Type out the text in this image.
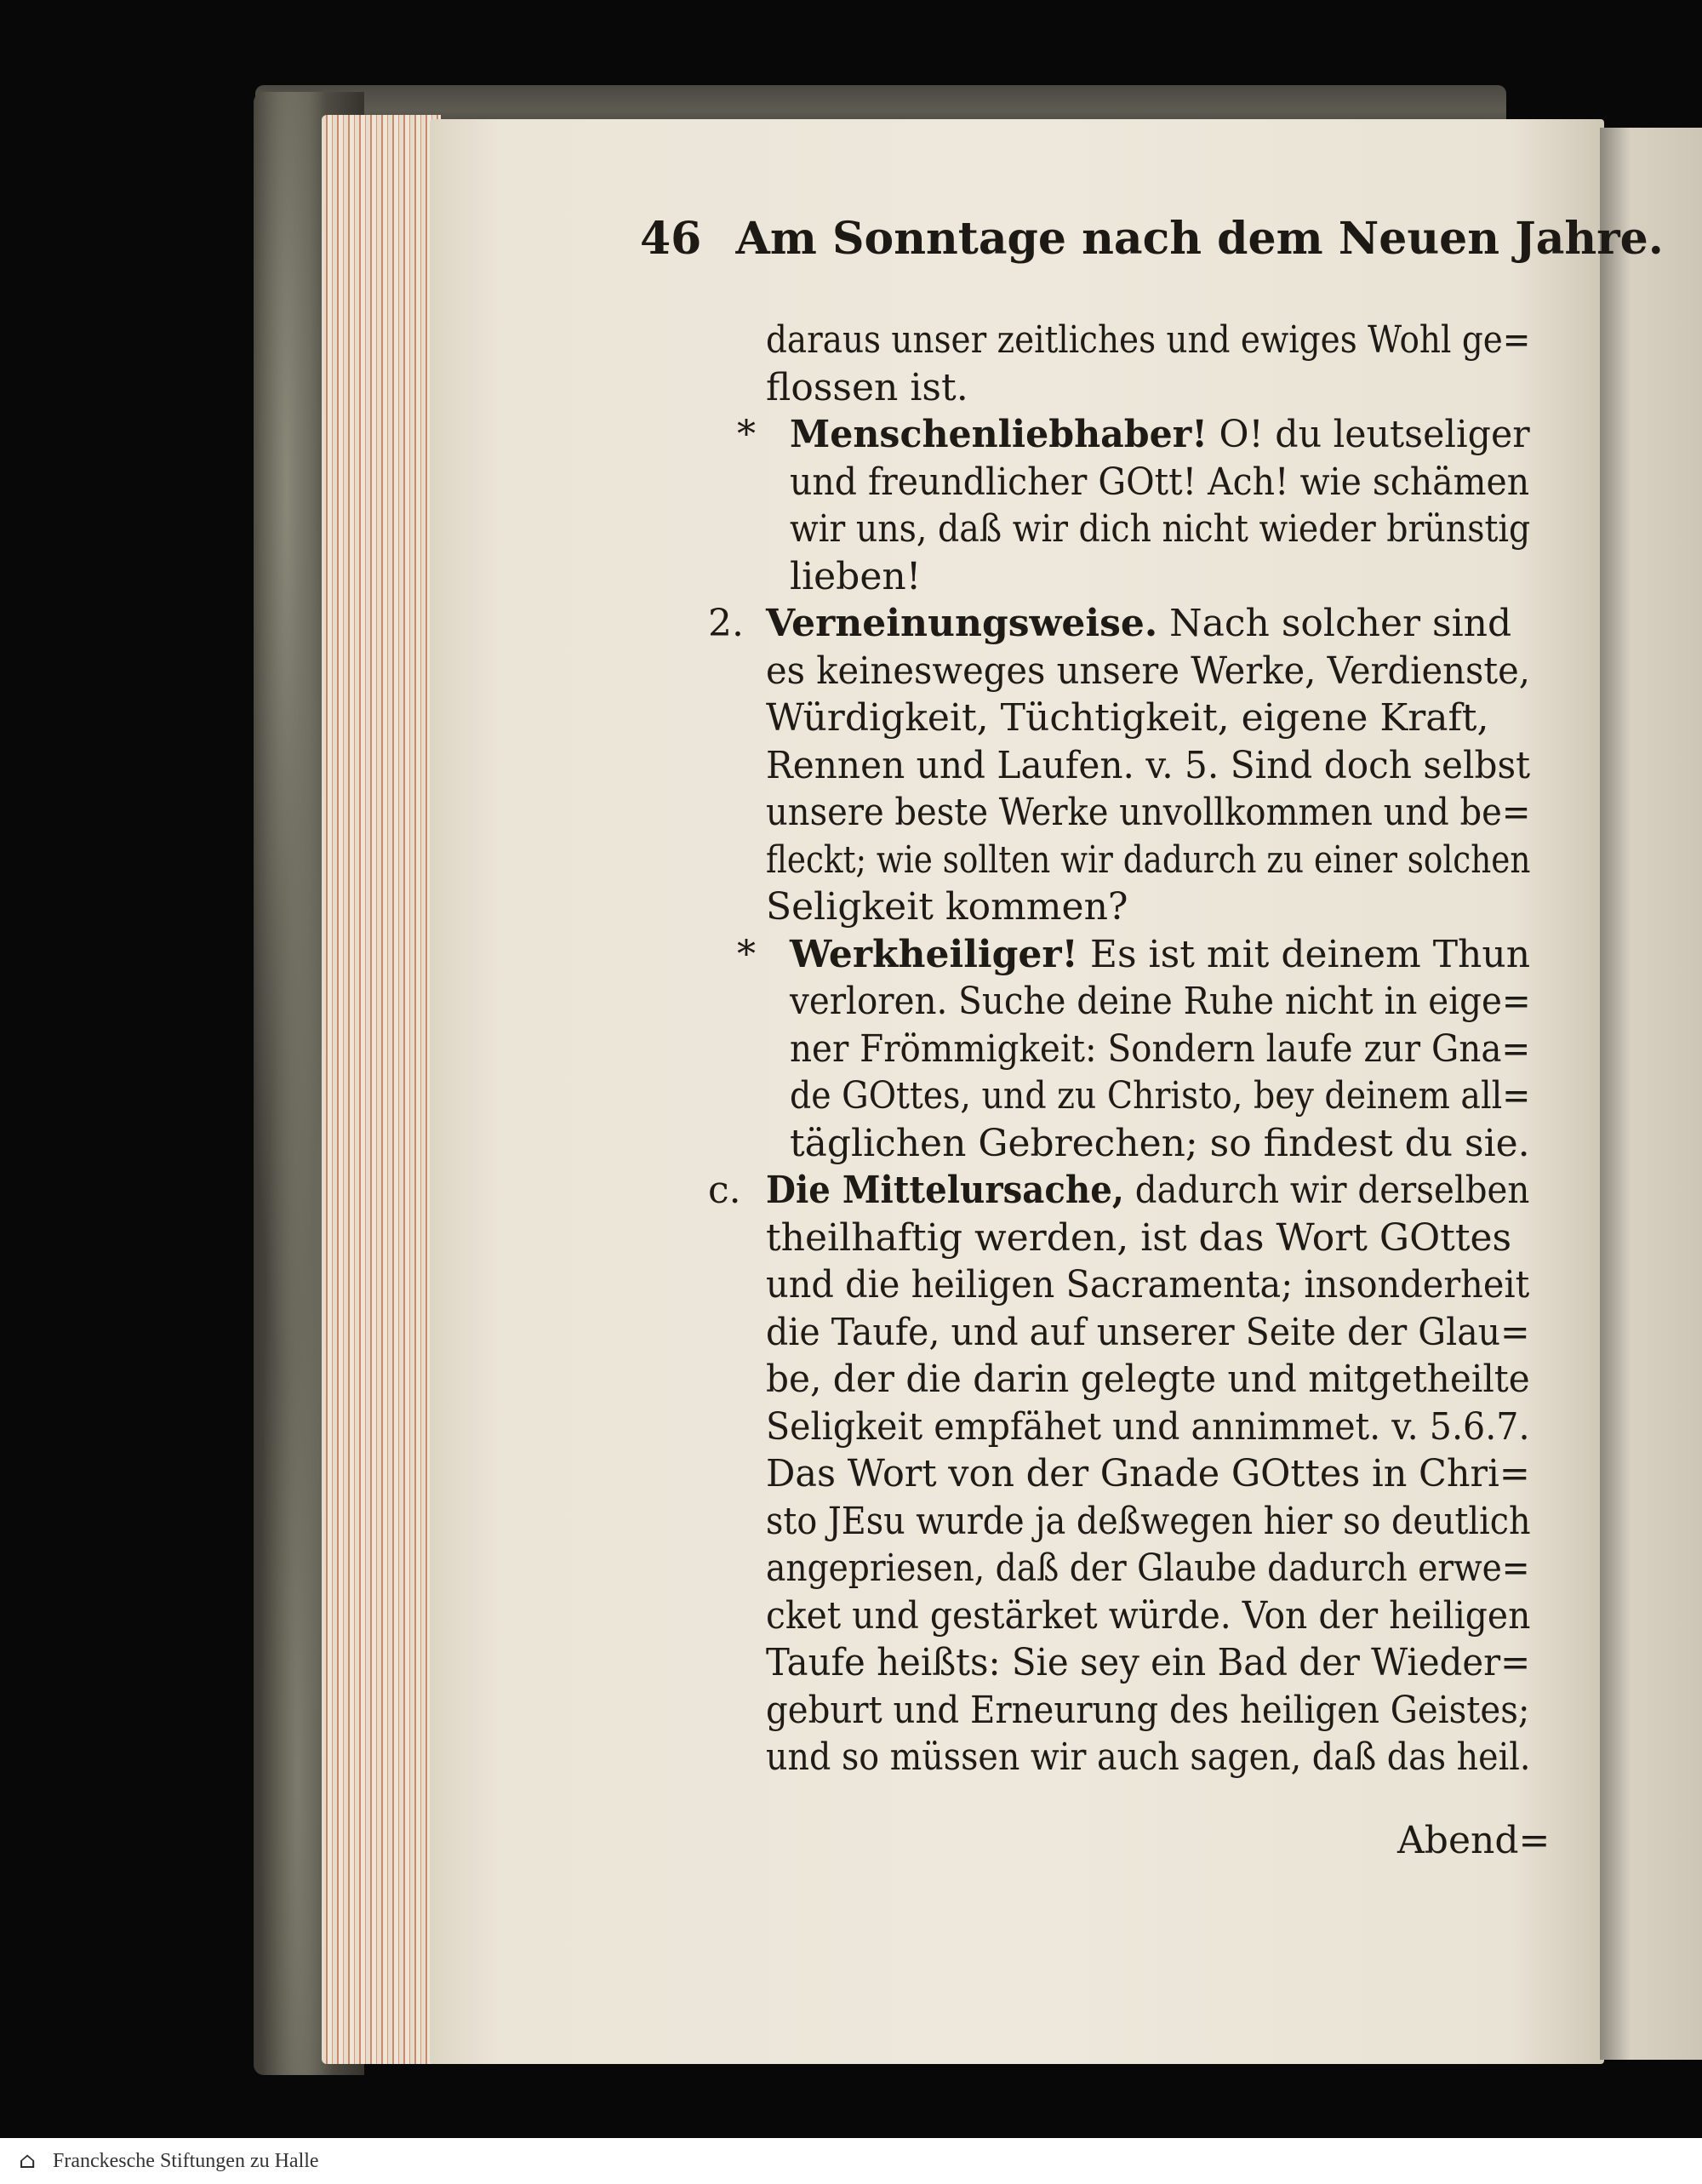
46 Am Sonntage nach dem Neuen Jahre.
daraus unser zeitliches und ewiges Wohl ge=
flossen ist.
* Menschenliebhaber! O! du leutseliger
und freundlicher GOtt! Ach! wie schämen
wir uns, daß wir dich nicht wieder brünstig
lieben!
2. Verneinungsweise. Nach solcher sind
es keinesweges unsere Werke, Verdienste,
Würdigkeit, Tüchtigkeit, eigene Kraft,
Rennen und Laufen. v. 5. Sind doch selbst
unsere beste Werke unvollkommen und be=
fleckt; wie sollten wir dadurch zu einer solchen
Seligkeit kommen?
* Werkheiliger! Es ist mit deinem Thun
verloren. Suche deine Ruhe nicht in eige=
ner Frömmigkeit: Sondern laufe zur Gna=
de GOttes, und zu Christo, bey deinem all=
täglichen Gebrechen; so findest du sie.
c. Die Mittelursache, dadurch wir derselben
theilhaftig werden, ist das Wort GOttes
und die heiligen Sacramenta; insonderheit
die Taufe, und auf unserer Seite der Glau=
be, der die darin gelegte und mitgetheilte
Seligkeit empfähet und annimmet. v. 5.6.7.
Das Wort von der Gnade GOttes in Chri=
sto JEsu wurde ja deßwegen hier so deutlich
angepriesen, daß der Glaube dadurch erwe=
cket und gestärket würde. Von der heiligen
Taufe heißts: Sie sey ein Bad der Wieder=
geburt und Erneurung des heiligen Geistes;
und so müssen wir auch sagen, daß das heil.
Abend=
⌂ Franckesche Stiftungen zu Halle
